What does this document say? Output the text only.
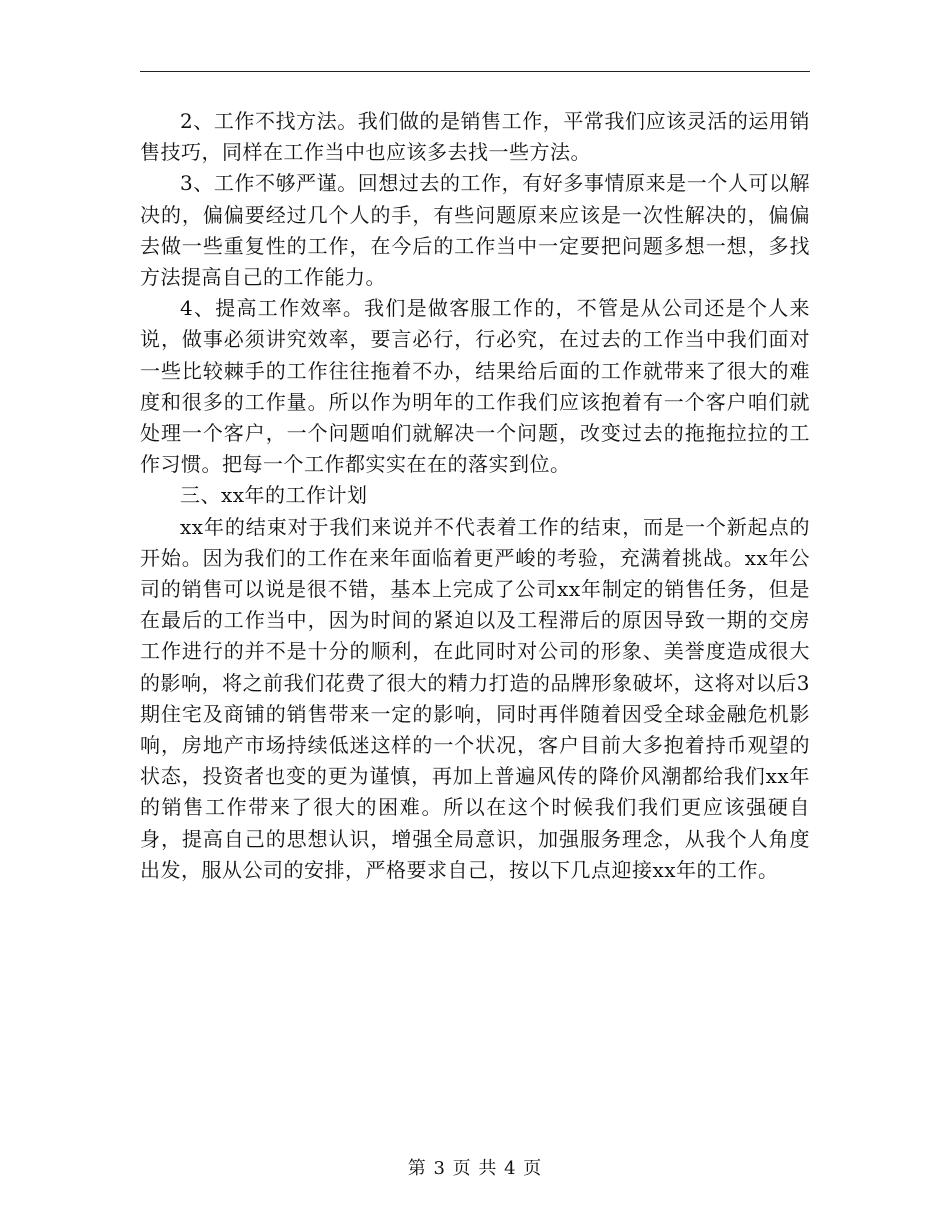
2、工作不找方法。我们做的是销售工作，平常我们应该灵活的运用销售技巧，同样在工作当中也应该多去找一些方法。

3、工作不够严谨。回想过去的工作，有好多事情原来是一个人可以解决的，偏偏要经过几个人的手，有些问题原来应该是一次性解决的，偏偏去做一些重复性的工作，在今后的工作当中一定要把问题多想一想，多找方法提高自己的工作能力。

4、提高工作效率。我们是做客服工作的，不管是从公司还是个人来说，做事必须讲究效率，要言必行，行必究，在过去的工作当中我们面对一些比较棘手的工作往往拖着不办，结果给后面的工作就带来了很大的难度和很多的工作量。所以作为明年的工作我们应该抱着有一个客户咱们就处理一个客户，一个问题咱们就解决一个问题，改变过去的拖拖拉拉的工作习惯。把每一个工作都实实在在的落实到位。

三、xx年的工作计划

xx年的结束对于我们来说并不代表着工作的结束，而是一个新起点的开始。因为我们的工作在来年面临着更严峻的考验，充满着挑战。xx年公司的销售可以说是很不错，基本上完成了公司xx年制定的销售任务，但是在最后的工作当中，因为时间的紧迫以及工程滞后的原因导致一期的交房工作进行的并不是十分的顺利，在此同时对公司的形象、美誉度造成很大的影响，将之前我们花费了很大的精力打造的品牌形象破坏，这将对以后3期住宅及商铺的销售带来一定的影响，同时再伴随着因受全球金融危机影响，房地产市场持续低迷这样的一个状况，客户目前大多抱着持币观望的状态，投资者也变的更为谨慎，再加上普遍风传的降价风潮都给我们xx年的销售工作带来了很大的困难。所以在这个时候我们我们更应该强硬自身，提高自己的思想认识，增强全局意识，加强服务理念，从我个人角度出发，服从公司的安排，严格要求自己，按以下几点迎接xx年的工作。

第 3 页 共 4 页
